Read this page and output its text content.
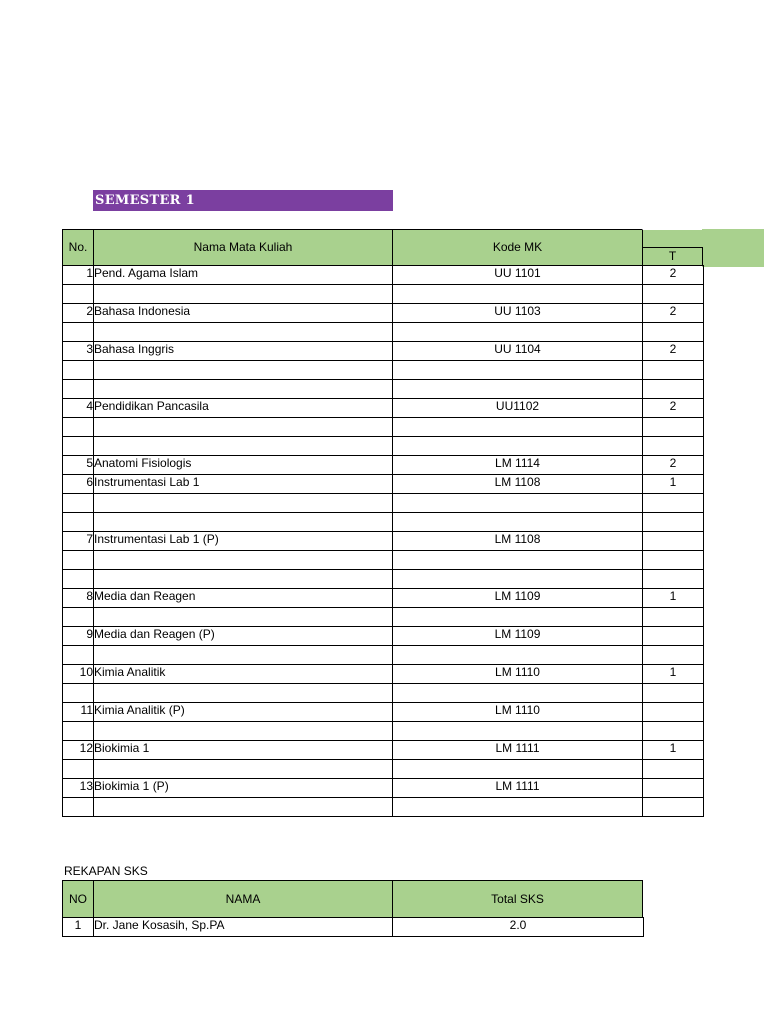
SEMESTER 1
No.	Nama Mata Kuliah	Kode MK
T
1	Pend. Agama Islam	UU 1101	2

2	Bahasa Indonesia	UU 1103	2

3	Bahasa Inggris	UU 1104	2

4	Pendidikan Pancasila	UU1102	2

5	Anatomi Fisiologis	LM 1114	2
6	Instrumentasi Lab 1	LM 1108	1

7	Instrumentasi Lab 1 (P)	LM 1108	

8	Media dan Reagen	LM 1109	1

9	Media dan Reagen (P)	LM 1109	

10	Kimia Analitik	LM 1110	1

11	Kimia Analitik (P)	LM 1110	

12	Biokimia 1	LM 1111	1

13	Biokimia 1 (P)	LM 1111	

REKAPAN SKS
NO	NAMA	Total SKS
1	Dr. Jane Kosasih, Sp.PA	2.0
